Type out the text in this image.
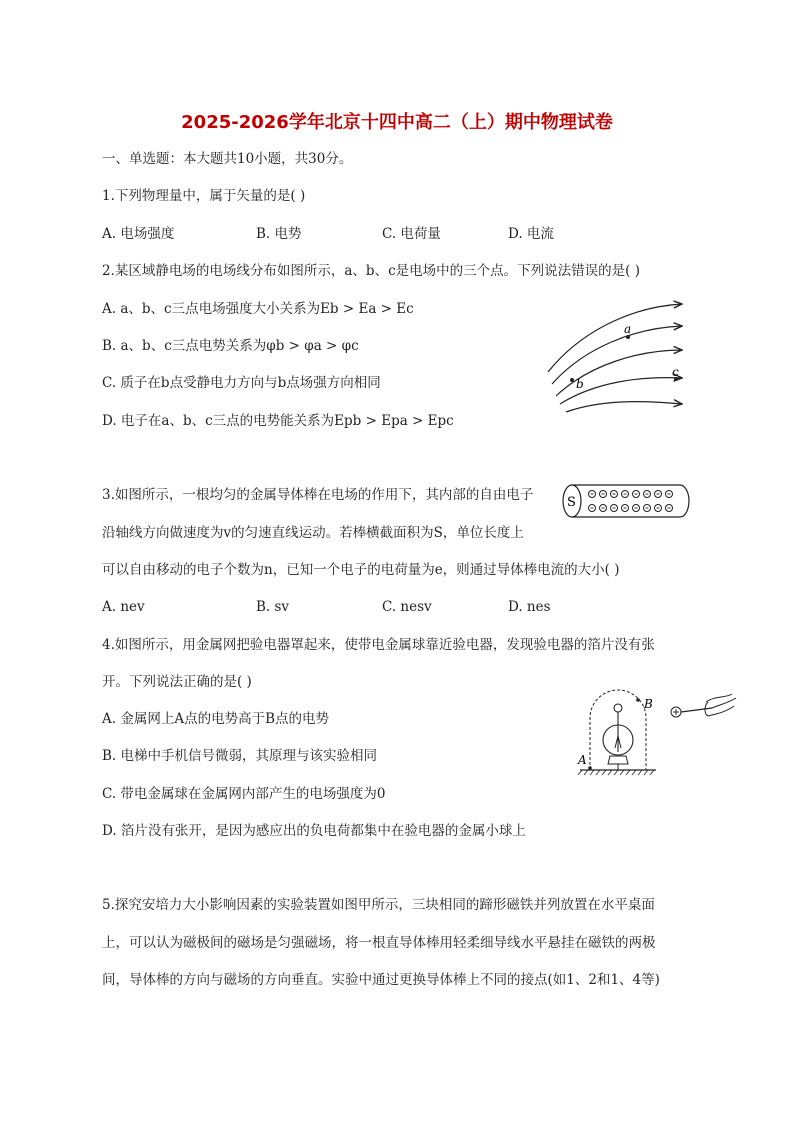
2025-2026学年北京十四中高二（上）期中物理试卷
一、单选题：本大题共10小题，共30分。
1.下列物理量中，属于矢量的是( )
A. 电场强度	B. 电势	C. 电荷量	D. 电流
2.某区域静电场的电场线分布如图所示，a、b、c是电场中的三个点。下列说法错误的是( )
A. a、b、c三点电场强度大小关系为Eb > Ea > Ec
B. a、b、c三点电势关系为φb > φa > φc
C. 质子在b点受静电力方向与b点场强方向相同
D. 电子在a、b、c三点的电势能关系为Epb > Epa > Epc
a
b
c
3.如图所示，一根均匀的金属导体棒在电场的作用下，其内部的自由电子
沿轴线方向做速度为v的匀速直线运动。若棒横截面积为S，单位长度上
可以自由移动的电子个数为n，已知一个电子的电荷量为e，则通过导体棒电流的大小( )
A. nev	B. sv	C. nesv	D. nes
S
4.如图所示，用金属网把验电器罩起来，使带电金属球靠近验电器，发现验电器的箔片没有张
开。下列说法正确的是( )
A. 金属网上A点的电势高于B点的电势
B. 电梯中手机信号微弱，其原理与该实验相同
C. 带电金属球在金属网内部产生的电场强度为0
D. 箔片没有张开，是因为感应出的负电荷都集中在验电器的金属小球上
A
B
5.探究安培力大小影响因素的实验装置如图甲所示，三块相同的蹄形磁铁并列放置在水平桌面
上，可以认为磁极间的磁场是匀强磁场，将一根直导体棒用轻柔细导线水平悬挂在磁铁的两极
间，导体棒的方向与磁场的方向垂直。实验中通过更换导体棒上不同的接点(如1、2和1、4等)
